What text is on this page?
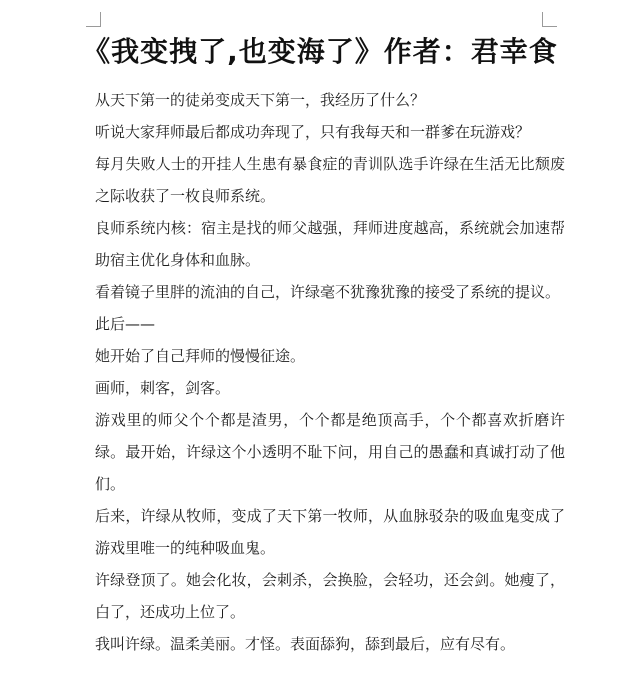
《我变拽了,也变海了》作者：君幸食

从天下第一的徒弟变成天下第一，我经历了什么？

听说大家拜师最后都成功奔现了，只有我每天和一群爹在玩游戏？

每月失败人士的开挂人生患有暴食症的青训队选手许绿在生活无比颓废之际收获了一枚良师系统。

良师系统内核：宿主是找的师父越强，拜师进度越高，系统就会加速帮助宿主优化身体和血脉。

看着镜子里胖的流油的自己，许绿毫不犹豫犹豫的接受了系统的提议。

此后——

她开始了自己拜师的慢慢征途。

画师，刺客，剑客。

游戏里的师父个个都是渣男，个个都是绝顶高手，个个都喜欢折磨许绿。最开始，许绿这个小透明不耻下问，用自己的愚蠢和真诚打动了他们。

后来，许绿从牧师，变成了天下第一牧师，从血脉驳杂的吸血鬼变成了游戏里唯一的纯种吸血鬼。

许绿登顶了。她会化妆，会刺杀，会换脸，会轻功，还会剑。她瘦了，白了，还成功上位了。

我叫许绿。温柔美丽。才怪。表面舔狗，舔到最后，应有尽有。
